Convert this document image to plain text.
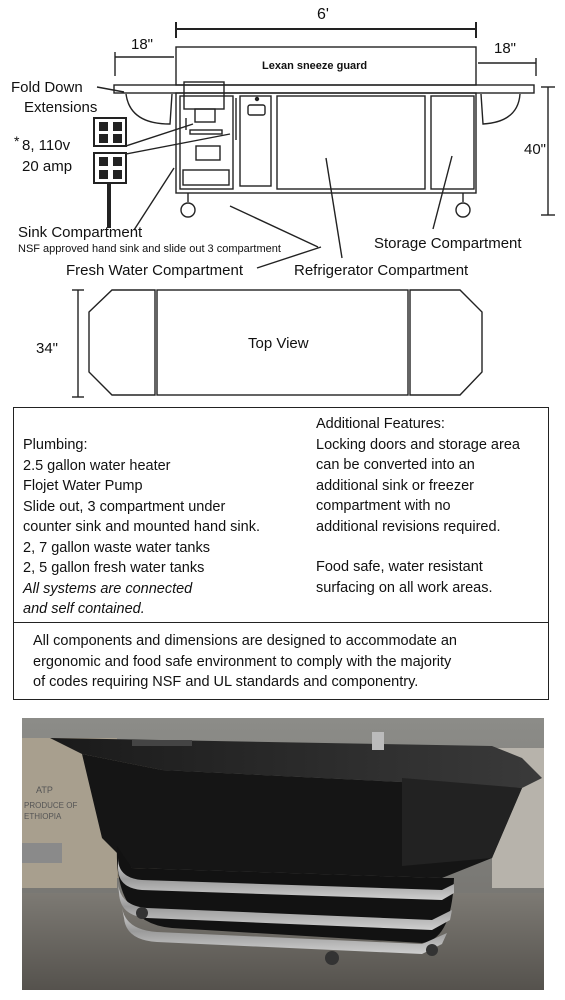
6'
18"	18"
Lexan sneeze guard
Fold Down
Extensions
* 8, 110v
20 amp
40"
Sink Compartment
NSF approved hand sink and slide out 3 compartment	Storage Compartment
Fresh Water Compartment	Refrigerator Compartment
34"	Top View
Plumbing:
2.5 gallon water heater
Flojet Water Pump
Slide out, 3 compartment under
counter sink and mounted hand sink.
2, 7 gallon waste water tanks
2, 5 gallon fresh water tanks
All systems are connected
and self contained.
Additional Features:
Locking doors and storage area
can be converted into an
additional sink or freezer
compartment with no
additional revisions required.
Food safe, water resistant
surfacing on all work areas.
All components and dimensions are designed to accommodate an
ergonomic and food safe environment to comply with the majority
of codes requiring NSF and UL standards and componentry.
ATP
PRODUCE OF
ETHIOPIA
